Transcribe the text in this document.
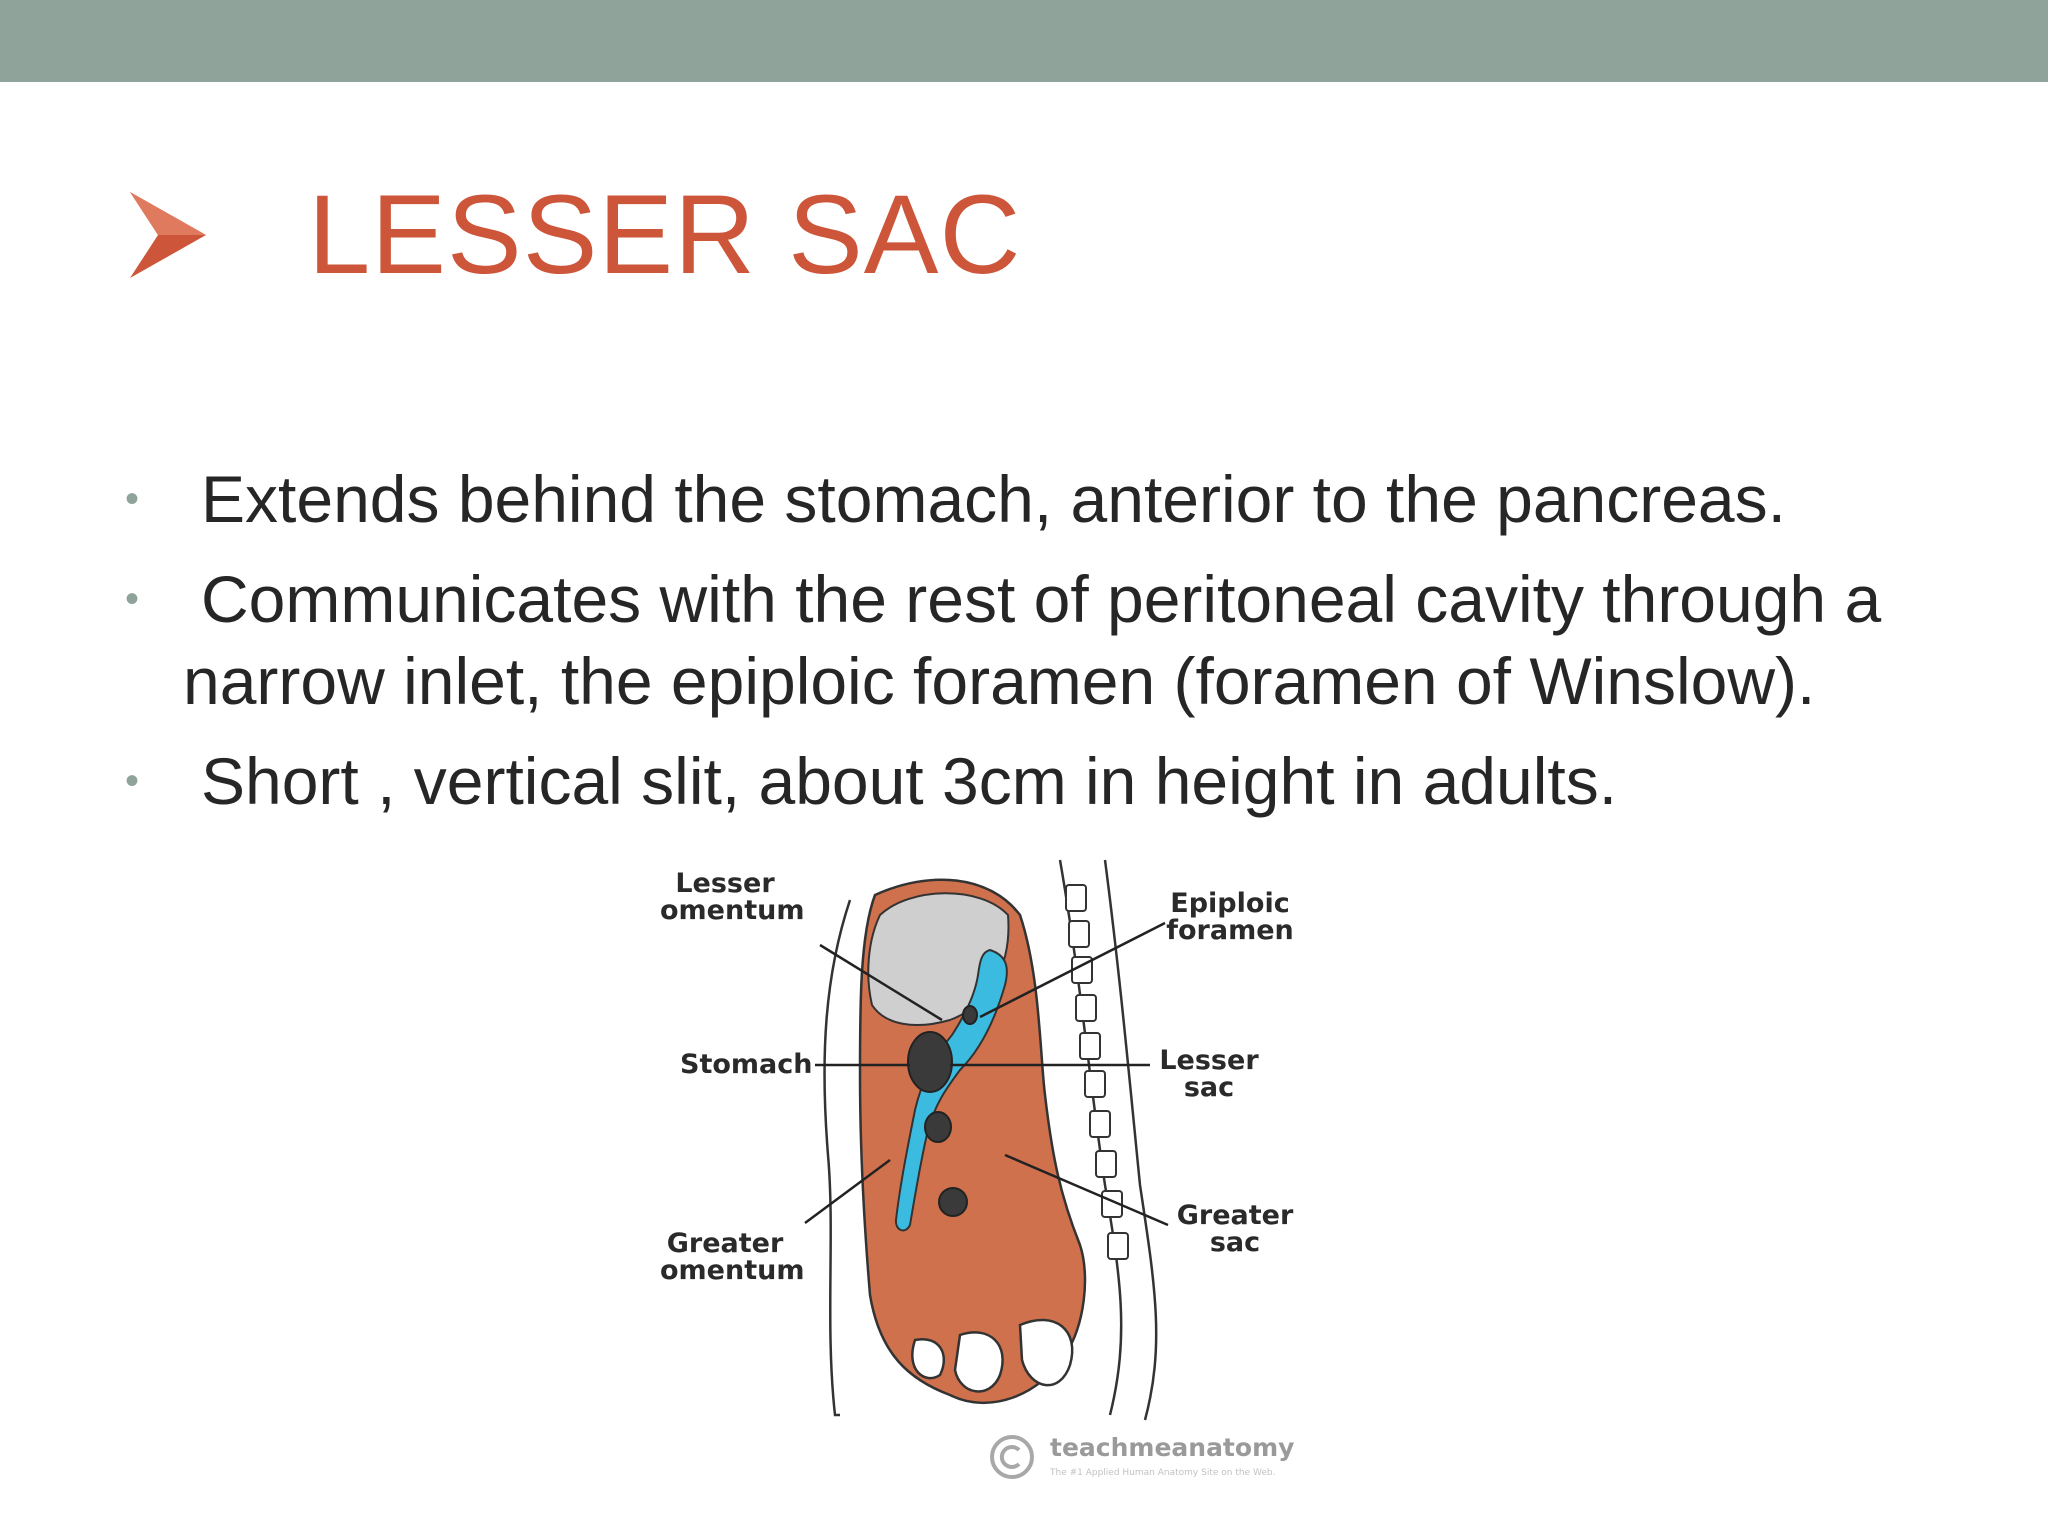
LESSER SAC
• Extends behind the stomach, anterior to the pancreas.
• Communicates with the rest of peritoneal cavity through a narrow inlet, the epiploic foramen (foramen of Winslow).
• Short , vertical slit, about 3cm in height in adults.
Lesser
omentum
Stomach
Greater
omentum
Epiploic
foramen
Lesser
sac
Greater
sac
teachmeanatomy
The #1 Applied Human Anatomy Site on the Web.
